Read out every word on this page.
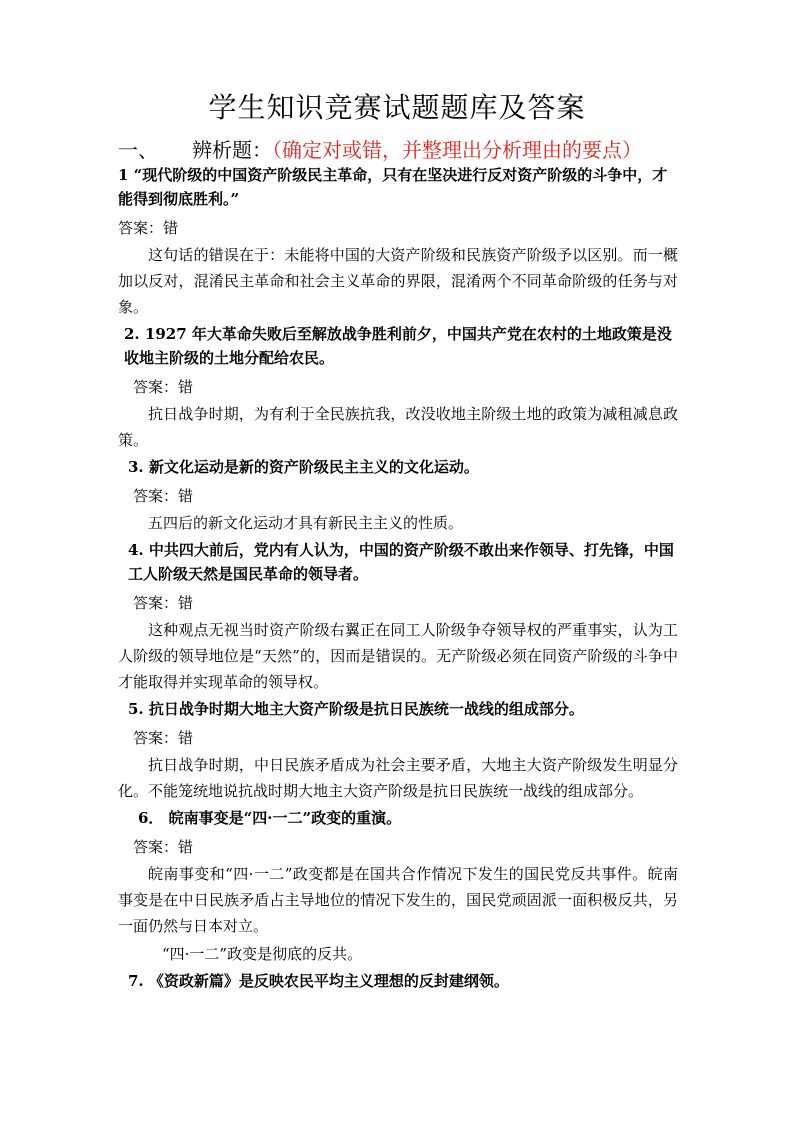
学生知识竞赛试题题库及答案
一、 辨析题：（确定对或错，并整理出分析理由的要点）

1 “现代阶级的中国资产阶级民主革命，只有在坚决进行反对资产阶级的斗争中，才能得到彻底胜利。”

答案：错

这句话的错误在于：未能将中国的大资产阶级和民族资产阶级予以区别。而一概加以反对，混淆民主革命和社会主义革命的界限，混淆两个不同革命阶级的任务与对象。

2. 1927 年大革命失败后至解放战争胜利前夕，中国共产党在农村的土地政策是没收地主阶级的土地分配给农民。

答案：错

抗日战争时期，为有利于全民族抗我，改没收地主阶级土地的政策为减租减息政策。

3. 新文化运动是新的资产阶级民主主义的文化运动。

答案：错

五四后的新文化运动才具有新民主主义的性质。

4. 中共四大前后，党内有人认为，中国的资产阶级不敢出来作领导、打先锋，中国工人阶级天然是国民革命的领导者。

答案：错

这种观点无视当时资产阶级右翼正在同工人阶级争夺领导权的严重事实，认为工人阶级的领导地位是“天然”的，因而是错误的。无产阶级必须在同资产阶级的斗争中才能取得并实现革命的领导权。

5. 抗日战争时期大地主大资产阶级是抗日民族统一战线的组成部分。

答案：错

抗日战争时期，中日民族矛盾成为社会主要矛盾，大地主大资产阶级发生明显分化。不能笼统地说抗战时期大地主大资产阶级是抗日民族统一战线的组成部分。

6． 皖南事变是“四·一二”政变的重演。

答案：错

皖南事变和“四·一二”政变都是在国共合作情况下发生的国民党反共事件。皖南事变是在中日民族矛盾占主导地位的情况下发生的，国民党顽固派一面积极反共，另一面仍然与日本对立。

“四·一二”政变是彻底的反共。

7. 《资政新篇》是反映农民平均主义理想的反封建纲领。
